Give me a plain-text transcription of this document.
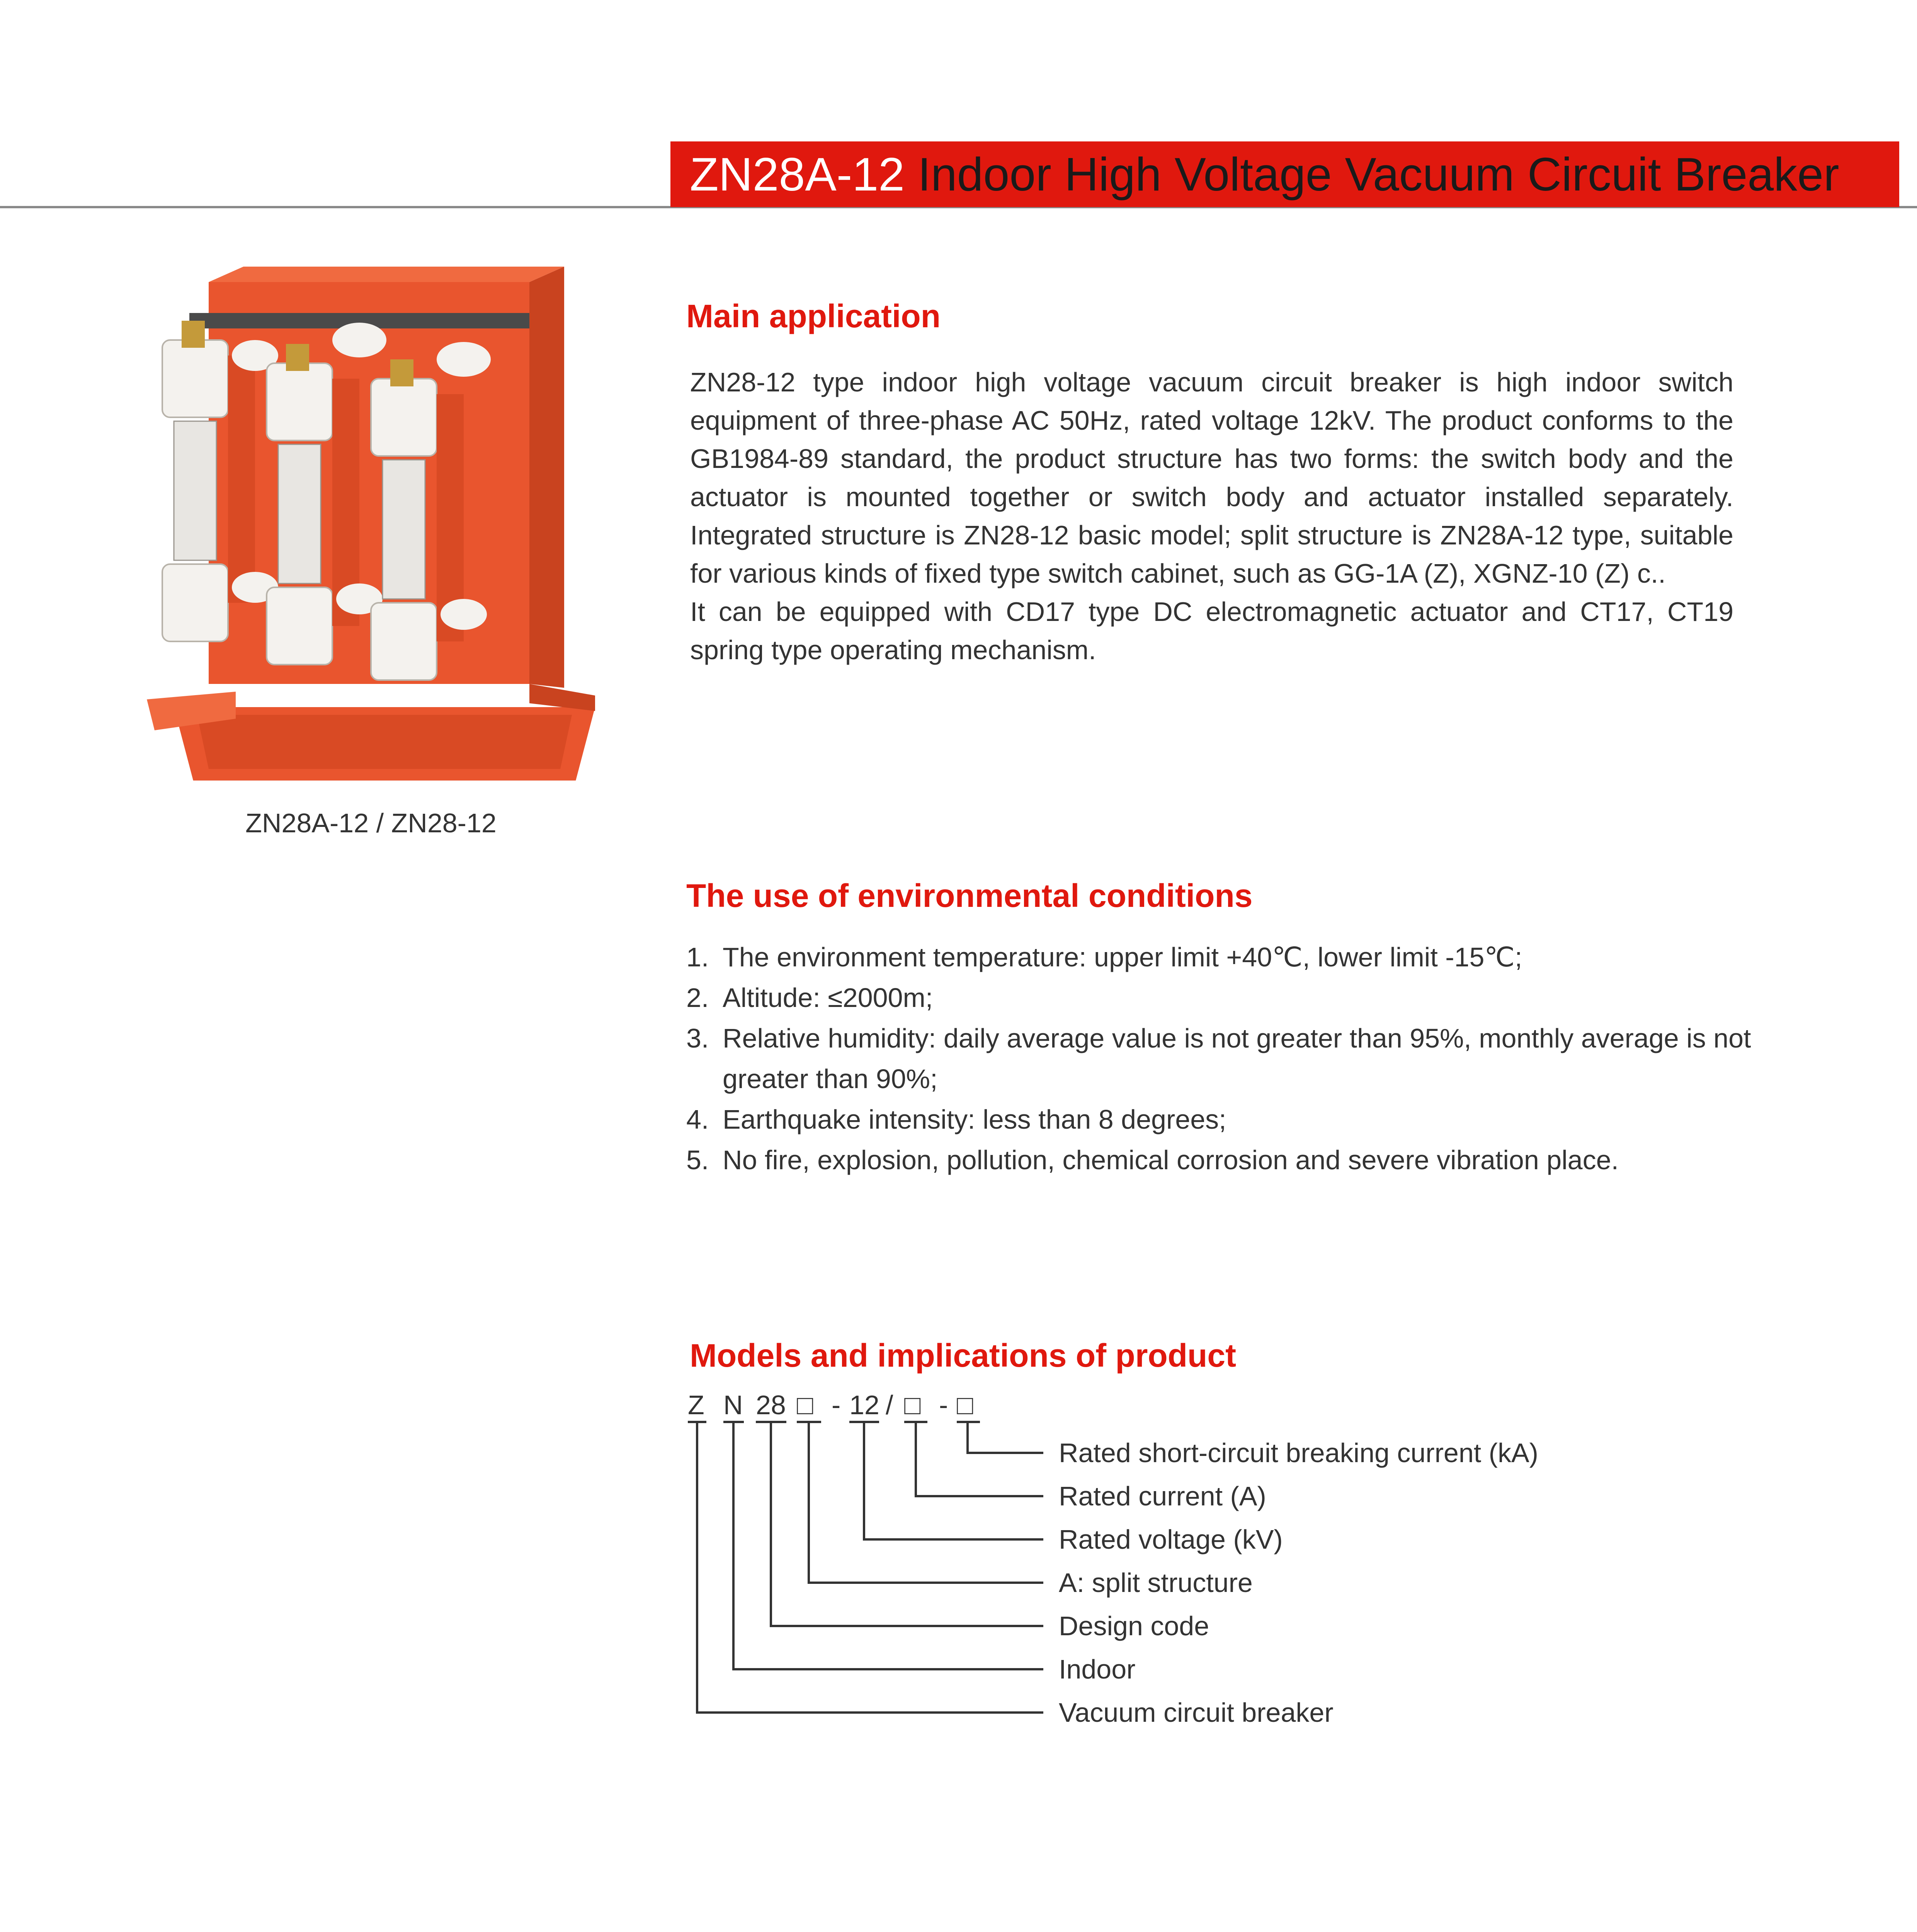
ZN28A-12 Indoor High Voltage Vacuum Circuit Breaker
ZN28A-12 / ZN28-12
Main application

ZN28-12 type indoor high voltage vacuum circuit breaker is high indoor switch equipment of three-phase AC 50Hz, rated voltage 12kV. The product conforms to the GB1984-89 standard, the product structure has two forms: the switch body and the actuator is mounted together or switch body and actuator installed separately. Integrated structure is ZN28-12 basic model; split structure is ZN28A-12 type, suitable for various kinds of fixed type switch cabinet, such as GG-1A (Z), XGNZ-10 (Z) c..

It can be equipped with CD17 type DC electromagnetic actuator and CT17, CT19 spring type operating mechanism.

The use of environmental conditions
1. The environment temperature: upper limit +40℃, lower limit -15℃;
2. Altitude: ≤2000m;
3. Relative humidity: daily average value is not greater than 95%, monthly average is not greater than 90%;
4. Earthquake intensity: less than 8 degrees;
5. No fire, explosion, pollution, chemical corrosion and severe vibration place.
Models and implications of product
Z N 28 □ - 12 / □ - □
Rated short-circuit breaking current (kA)
Rated current (A)
Rated voltage (kV)
A: split structure
Design code
Indoor
Vacuum circuit breaker
